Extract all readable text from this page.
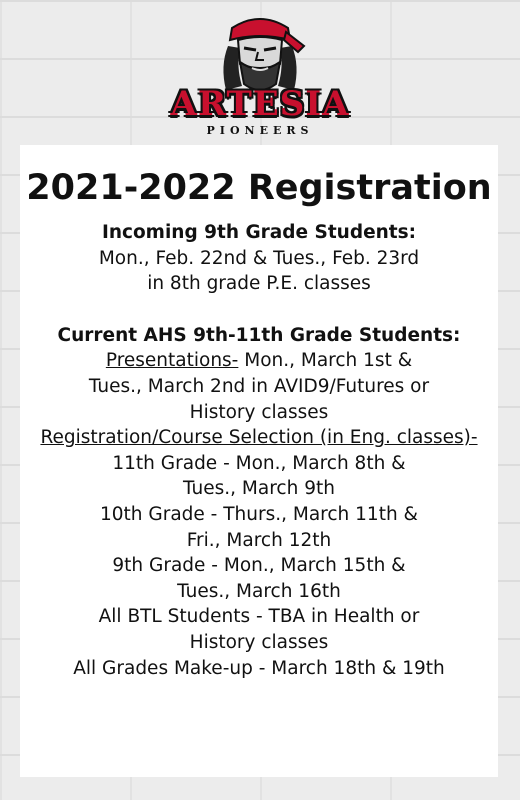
ARTESIA
PIONEERS
2021-2022 Registration
Incoming 9th Grade Students:
Mon., Feb. 22nd & Tues., Feb. 23rd
in 8th grade P.E. classes
Current AHS 9th-11th Grade Students:
Presentations- Mon., March 1st &
Tues., March 2nd in AVID9/Futures or
History classes
Registration/Course Selection (in Eng. classes)-
11th Grade - Mon., March 8th &
Tues., March 9th
10th Grade - Thurs., March 11th &
Fri., March 12th
9th Grade - Mon., March 15th &
Tues., March 16th
All BTL Students - TBA in Health or
History classes
All Grades Make-up - March 18th & 19th
